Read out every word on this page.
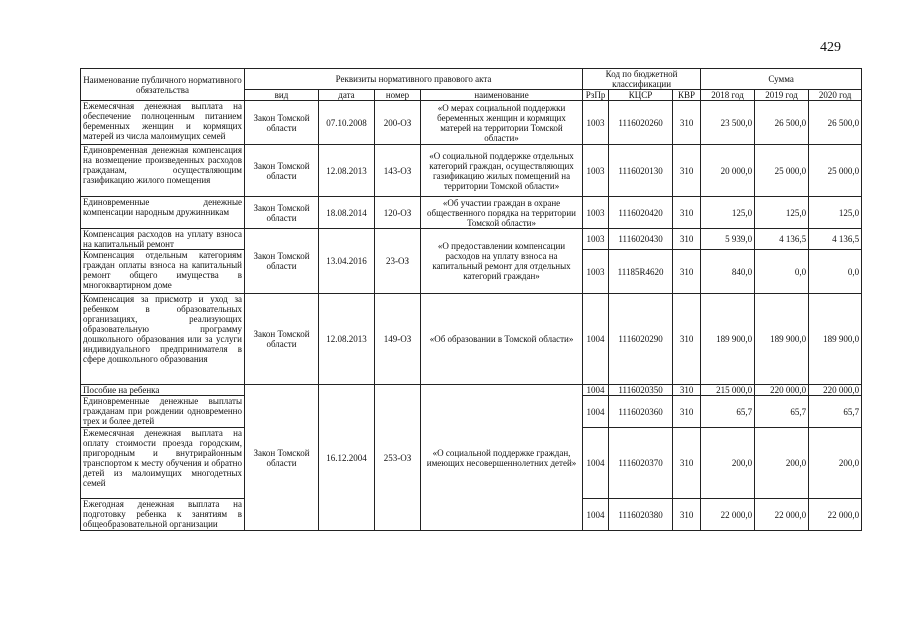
429
Наименование публичного нормативного обязательства	Реквизиты нормативного правового акта				Код по бюджетной классификации			Сумма		
	вид	дата	номер	наименование	РзПр	КЦСР	КВР	2018 год	2019 год	2020 год
Ежемесячная денежная выплата на обеспечение полноценным питанием беременных женщин и кормящих матерей из числа малоимущих семей	Закон Томской области	07.10.2008	200-ОЗ	«О мерах социальной поддержки беременных женщин и кормящих матерей на территории Томской области»	1003	1116020260	310	23 500,0	26 500,0	26 500,0
Единовременная денежная компенсация на возмещение произведенных расходов гражданам, осуществляющим газификацию жилого помещения	Закон Томской области	12.08.2013	143-ОЗ	«О социальной поддержке отдельных категорий граждан, осуществляющих газификацию жилых помещений на территории Томской области»	1003	1116020130	310	20 000,0	25 000,0	25 000,0
Единовременные денежные компенсации народным дружинникам	Закон Томской области	18.08.2014	120-ОЗ	«Об участии граждан в охране общественного порядка на территории Томской области»	1003	1116020420	310	125,0	125,0	125,0
Компенсация расходов на уплату взноса на капитальный ремонт	Закон Томской области	13.04.2016	23-ОЗ	«О предоставлении компенсации расходов на уплату взноса на капитальный ремонт для отдельных категорий граждан»	1003	1116020430	310	5 939,0	4 136,5	4 136,5
Компенсация отдельным категориям граждан оплаты взноса на капитальный ремонт общего имущества в многоквартирном доме					1003	11185R4620	310	840,0	0,0	0,0
Компенсация за присмотр и уход за ребенком в образовательных организациях, реализующих образовательную программу дошкольного образования или за услуги индивидуального предпринимателя в сфере дошкольного образования	Закон Томской области	12.08.2013	149-ОЗ	«Об образовании в Томской области»	1004	1116020290	310	189 900,0	189 900,0	189 900,0
Пособие на ребенка	Закон Томской области	16.12.2004	253-ОЗ	«О социальной поддержке граждан, имеющих несовершеннолетних детей»	1004	1116020350	310	215 000,0	220 000,0	220 000,0
Единовременные денежные выплаты гражданам при рождении одновременно трех и более детей					1004	1116020360	310	65,7	65,7	65,7
Ежемесячная денежная выплата на оплату стоимости проезда городским, пригородным и внутрирайонным транспортом к месту обучения и обратно детей из малоимущих многодетных семей					1004	1116020370	310	200,0	200,0	200,0
Ежегодная денежная выплата на подготовку ребенка к занятиям в общеобразовательной организации					1004	1116020380	310	22 000,0	22 000,0	22 000,0
